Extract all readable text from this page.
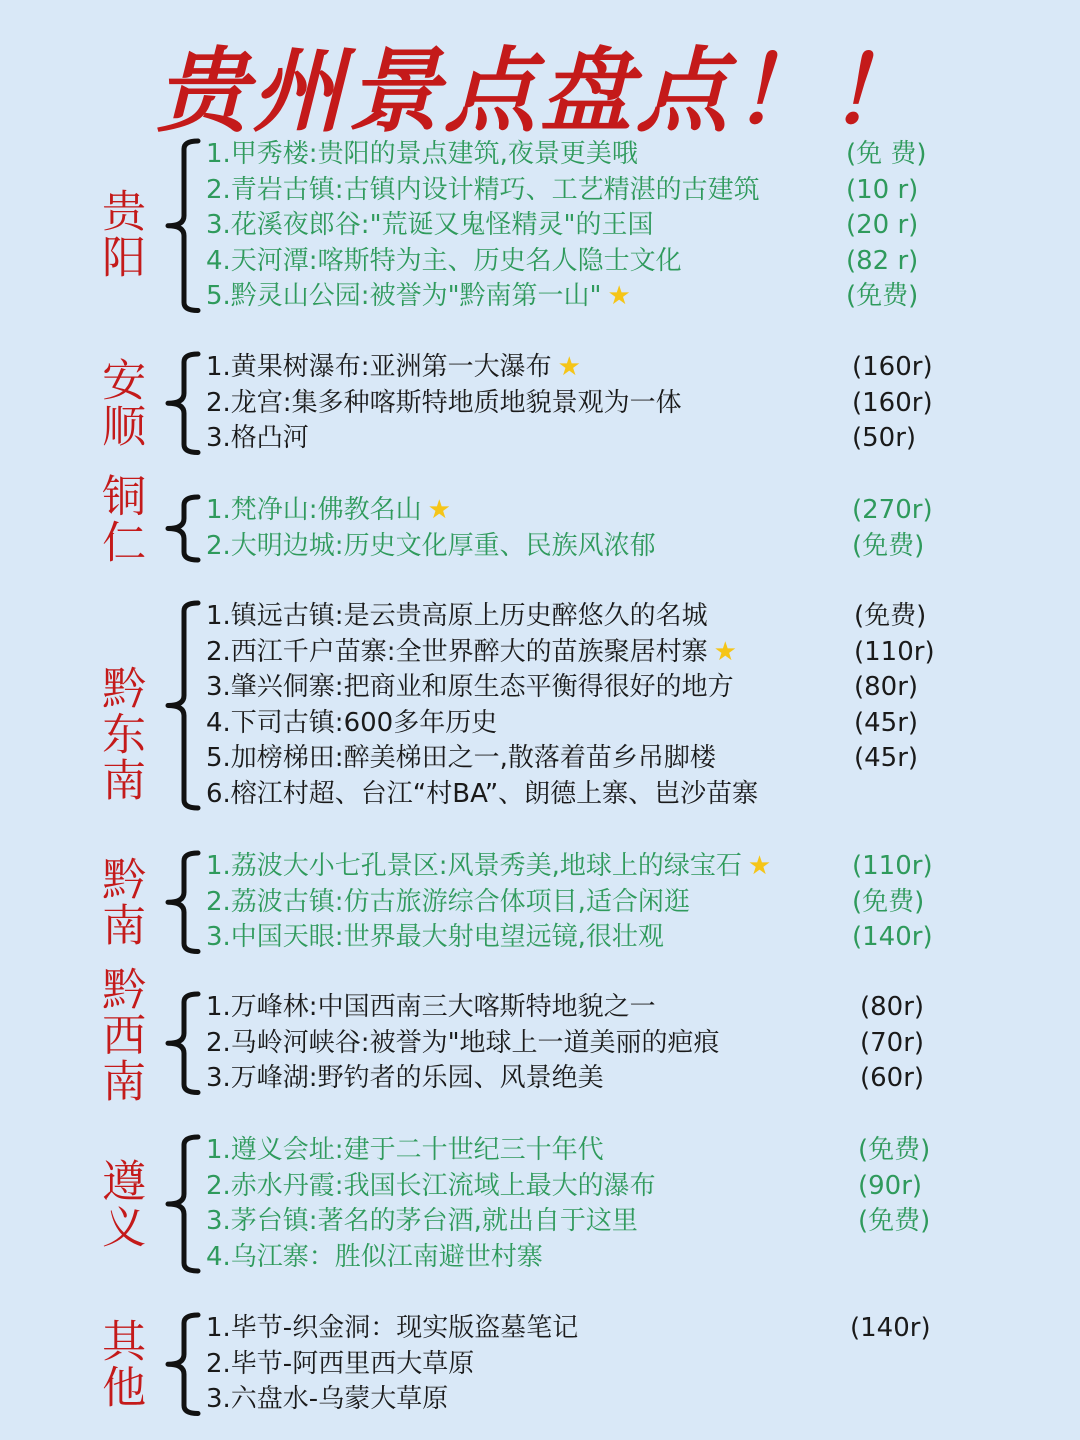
贵州景点盘点！！
贵阳
1.甲秀楼:贵阳的景点建筑,夜景更美哦	(免 费)
2.青岩古镇:古镇内设计精巧、工艺精湛的古建筑	(10 r)
3.花溪夜郎谷:"荒诞又鬼怪精灵"的王国	(20 r)
4.天河潭:喀斯特为主、历史名人隐士文化	(82 r)
5.黔灵山公园:被誉为"黔南第一山" ★	(免费)
安顺 1.黄果树瀑布:亚洲第一大瀑布 ★	(160r)
2.龙宫:集多种喀斯特地质地貌景观为一体	(160r)
3.格凸河	(50r)
铜仁 1.梵净山:佛教名山 ★	(270r)
2.大明边城:历史文化厚重、民族风浓郁	(免费)
黔东南
1.镇远古镇:是云贵高原上历史醉悠久的名城	(免费)
2.西江千户苗寨:全世界醉大的苗族聚居村寨 ★	(110r)
3.肇兴侗寨:把商业和原生态平衡得很好的地方	(80r)
4.下司古镇:600多年历史	(45r)
5.加榜梯田:醉美梯田之一,散落着苗乡吊脚楼	(45r)
6.榕江村超、台江“村BA”、朗德上寨、岜沙苗寨
黔南 1.荔波大小七孔景区:风景秀美,地球上的绿宝石 ★	(110r)
2.荔波古镇:仿古旅游综合体项目,适合闲逛	(免费)
3.中国天眼:世界最大射电望远镜,很壮观	(140r)
黔西南 1.万峰林:中国西南三大喀斯特地貌之一	(80r)
2.马岭河峡谷:被誉为"地球上一道美丽的疤痕	(70r)
3.万峰湖:野钓者的乐园、风景绝美	(60r)
遵义
1.遵义会址:建于二十世纪三十年代	(免费)
2.赤水丹霞:我国长江流域上最大的瀑布	(90r)
3.茅台镇:著名的茅台酒,就出自于这里	(免费)
4.乌江寨：胜似江南避世村寨
其他 1.毕节-织金洞：现实版盗墓笔记	(140r)
2.毕节-阿西里西大草原
3.六盘水-乌蒙大草原
